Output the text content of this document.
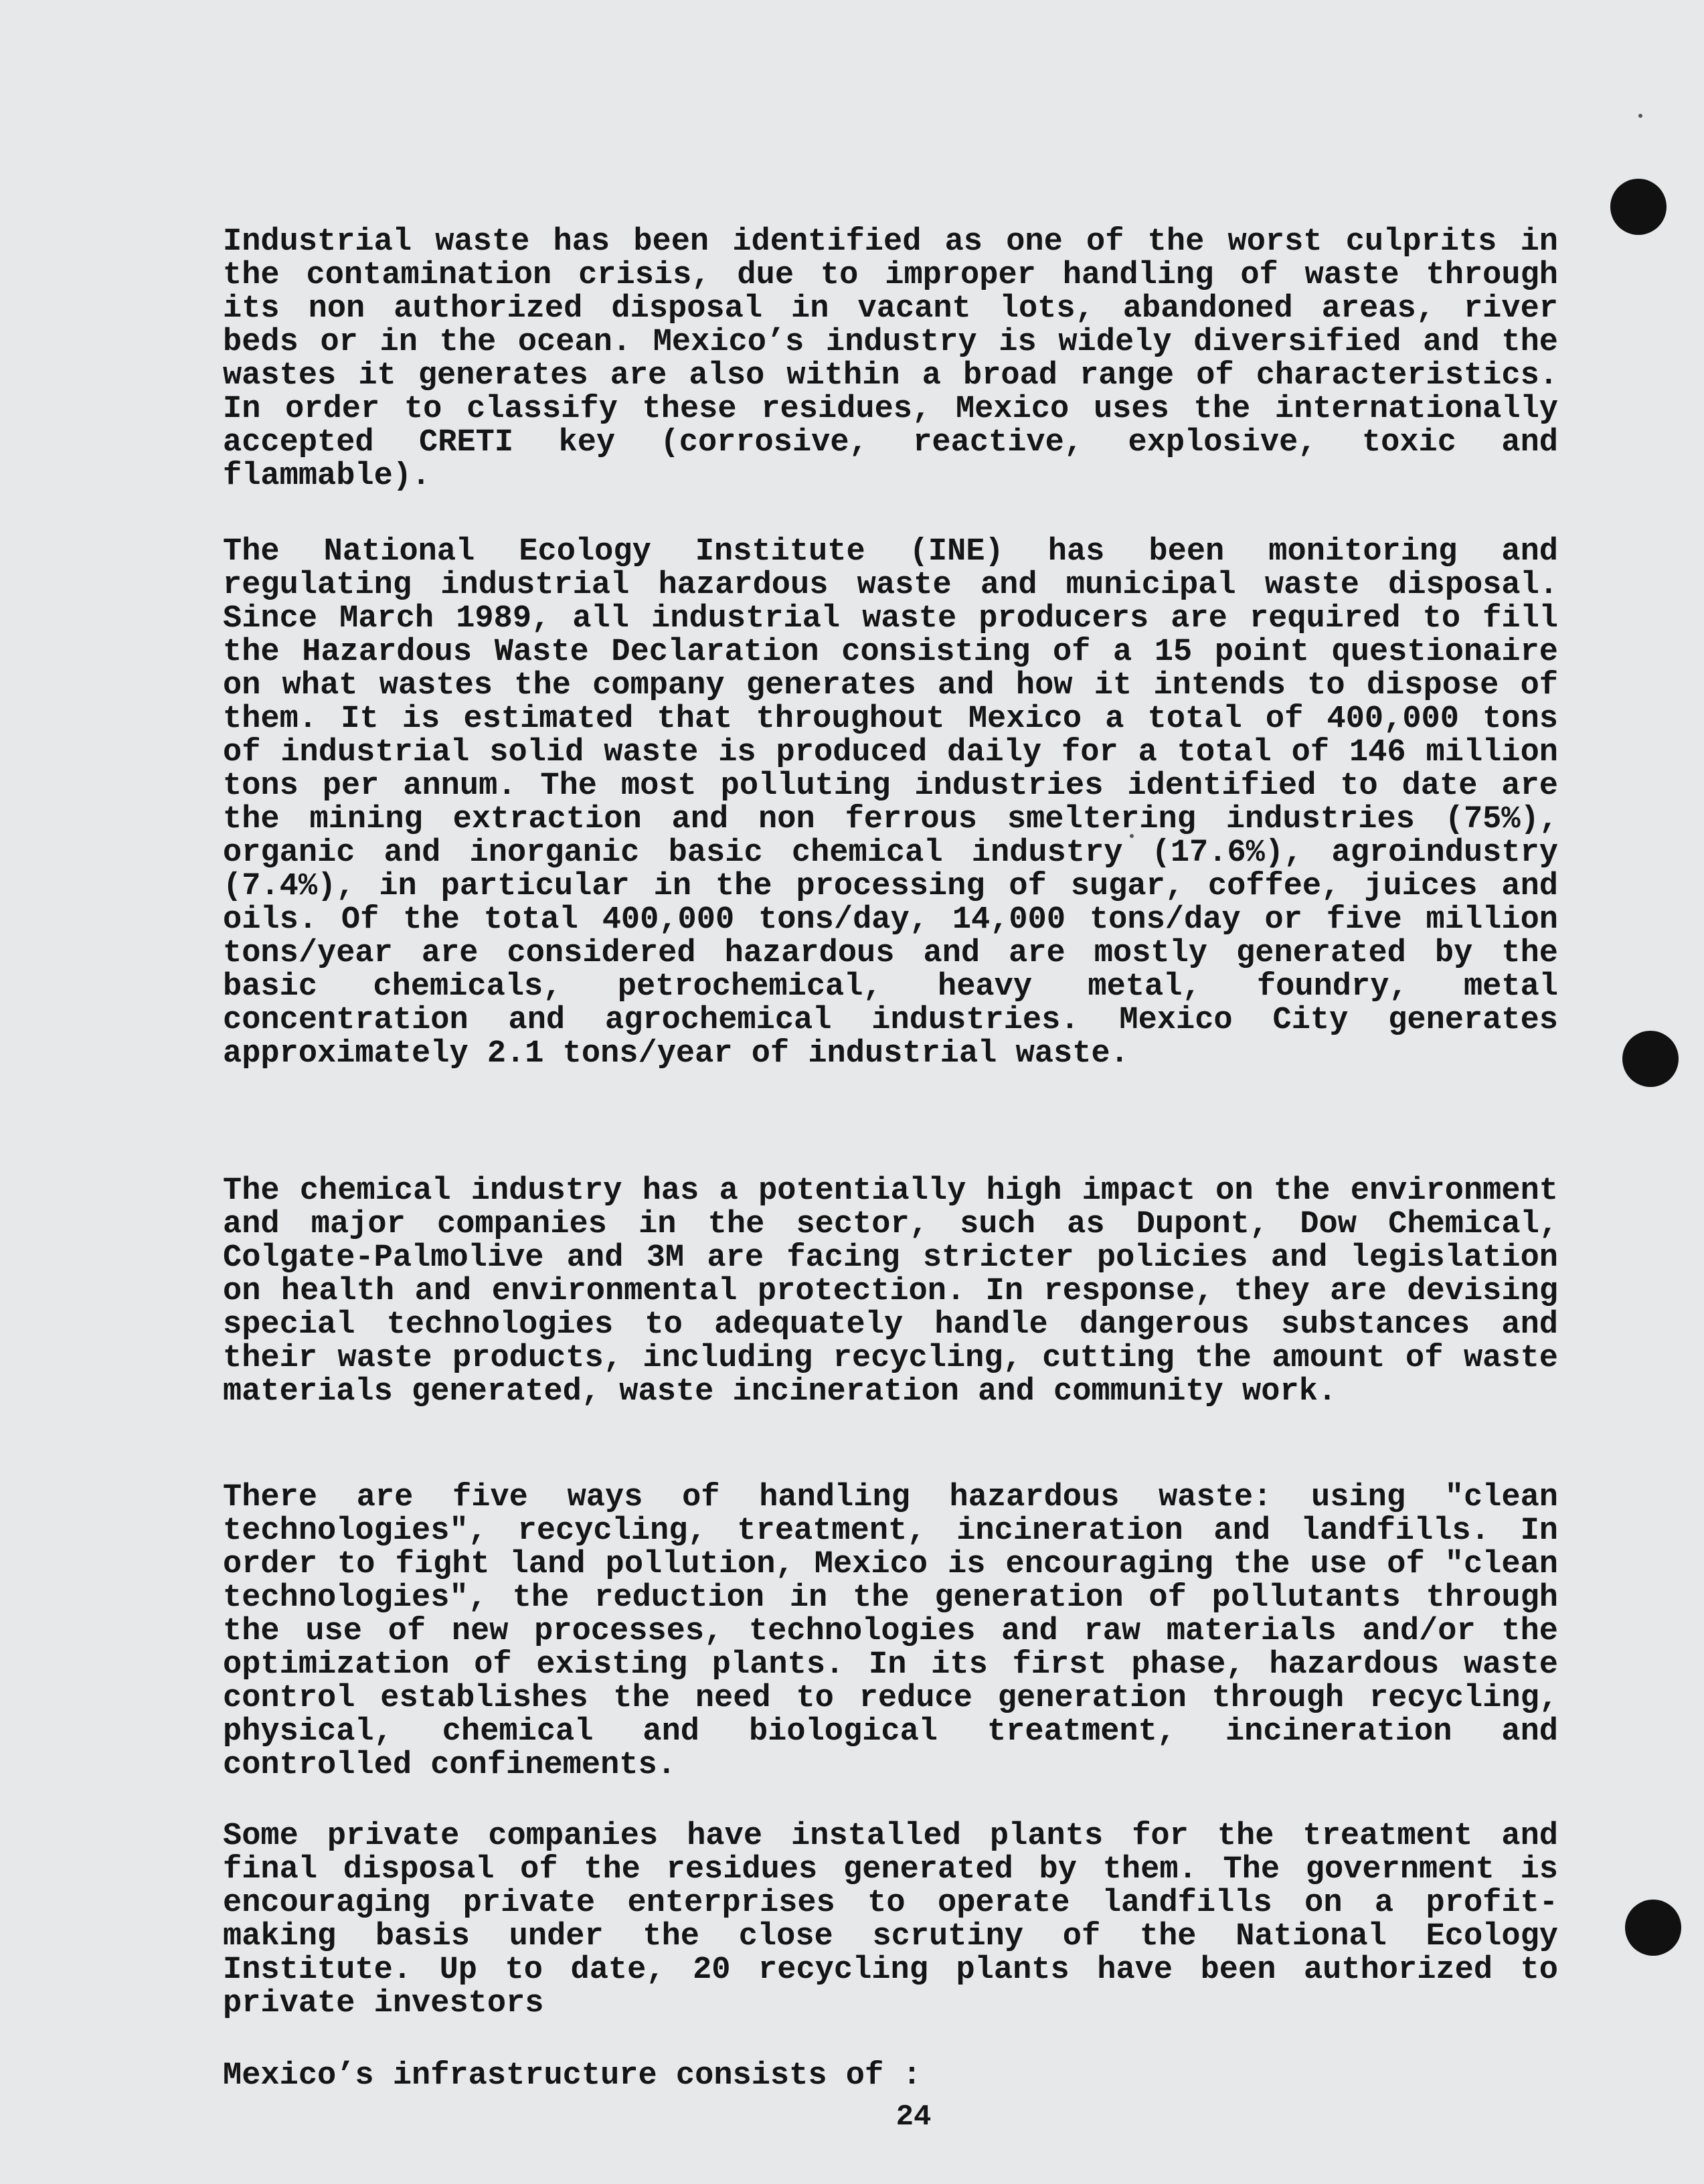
Industrial waste has been identified as one of the worst culprits in the contamination crisis, due to improper handling of waste through its non authorized disposal in vacant lots, abandoned areas, river beds or in the ocean. Mexico’s industry is widely diversified and the wastes it generates are also within a broad range of characteristics. In order to classify these residues, Mexico uses the internationally accepted CRETI key (corrosive, reactive, explosive, toxic and flammable).

The National Ecology Institute (INE) has been monitoring and regulating industrial hazardous waste and municipal waste disposal. Since March 1989, all industrial waste producers are required to fill the Hazardous Waste Declaration consisting of a 15 point questionaire on what wastes the company generates and how it intends to dispose of them. It is estimated that throughout Mexico a total of 400,000 tons of industrial solid waste is produced daily for a total of 146 million tons per annum. The most polluting industries identified to date are the mining extraction and non ferrous smeltering industries (75%), organic and inorganic basic chemical industry (17.6%), agroindustry (7.4%), in particular in the processing of sugar, coffee, juices and oils. Of the total 400,000 tons/day, 14,000 tons/day or five million tons/year are considered hazardous and are mostly generated by the basic chemicals, petrochemical, heavy metal, foundry, metal concentration and agrochemical industries. Mexico City generates approximately 2.1 tons/year of industrial waste.

The chemical industry has a potentially high impact on the environment and major companies in the sector, such as Dupont, Dow Chemical, Colgate-Palmolive and 3M are facing stricter policies and legislation on health and environmental protection. In response, they are devising special technologies to adequately handle dangerous substances and their waste products, including recycling, cutting the amount of waste materials generated, waste incineration and community work.

There are five ways of handling hazardous waste: using "clean technologies", recycling, treatment, incineration and landfills. In order to fight land pollution, Mexico is encouraging the use of "clean technologies", the reduction in the generation of pollutants through the use of new processes, technologies and raw materials and/or the optimization of existing plants. In its first phase, hazardous waste control establishes the need to reduce generation through recycling, physical, chemical and biological treatment, incineration and controlled confinements.

Some private companies have installed plants for the treatment and final disposal of the residues generated by them. The government is encouraging private enterprises to operate landfills on a profit-making basis under the close scrutiny of the National Ecology Institute. Up to date, 20 recycling plants have been authorized to private investors

Mexico’s infrastructure consists of :

24
